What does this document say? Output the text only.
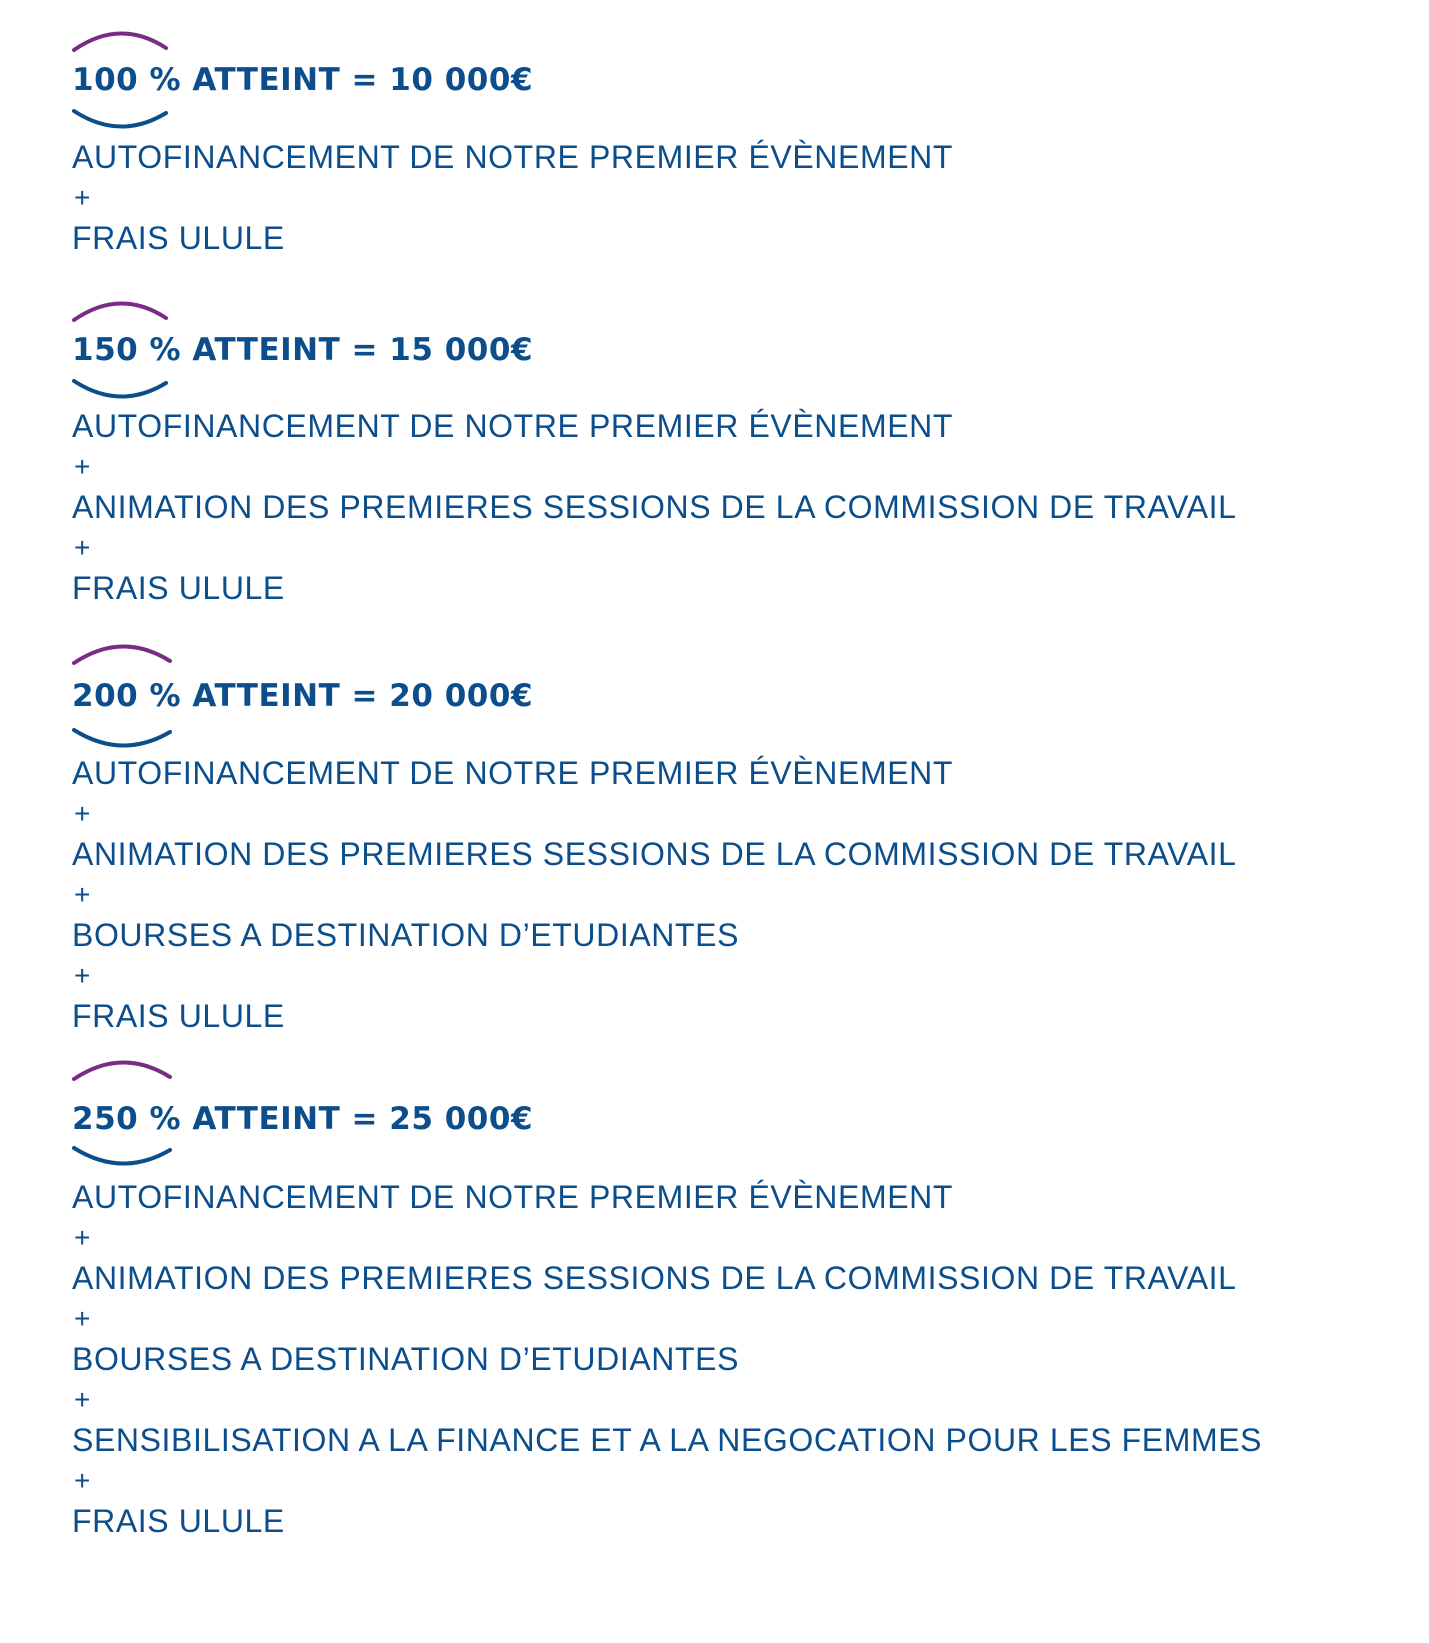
100 % ATTEINT = 10 000€
AUTOFINANCEMENT DE NOTRE PREMIER ÉVÈNEMENT
+
FRAIS ULULE
150 % ATTEINT = 15 000€
AUTOFINANCEMENT DE NOTRE PREMIER ÉVÈNEMENT
+
ANIMATION DES PREMIERES SESSIONS DE LA COMMISSION DE TRAVAIL
+
FRAIS ULULE
200 % ATTEINT = 20 000€
AUTOFINANCEMENT DE NOTRE PREMIER ÉVÈNEMENT
+
ANIMATION DES PREMIERES SESSIONS DE LA COMMISSION DE TRAVAIL
+
BOURSES A DESTINATION D’ETUDIANTES
+
FRAIS ULULE
250 % ATTEINT = 25 000€
AUTOFINANCEMENT DE NOTRE PREMIER ÉVÈNEMENT
+
ANIMATION DES PREMIERES SESSIONS DE LA COMMISSION DE TRAVAIL
+
BOURSES A DESTINATION D’ETUDIANTES
+
SENSIBILISATION A LA FINANCE ET A LA NEGOCATION POUR LES FEMMES
+
FRAIS ULULE
